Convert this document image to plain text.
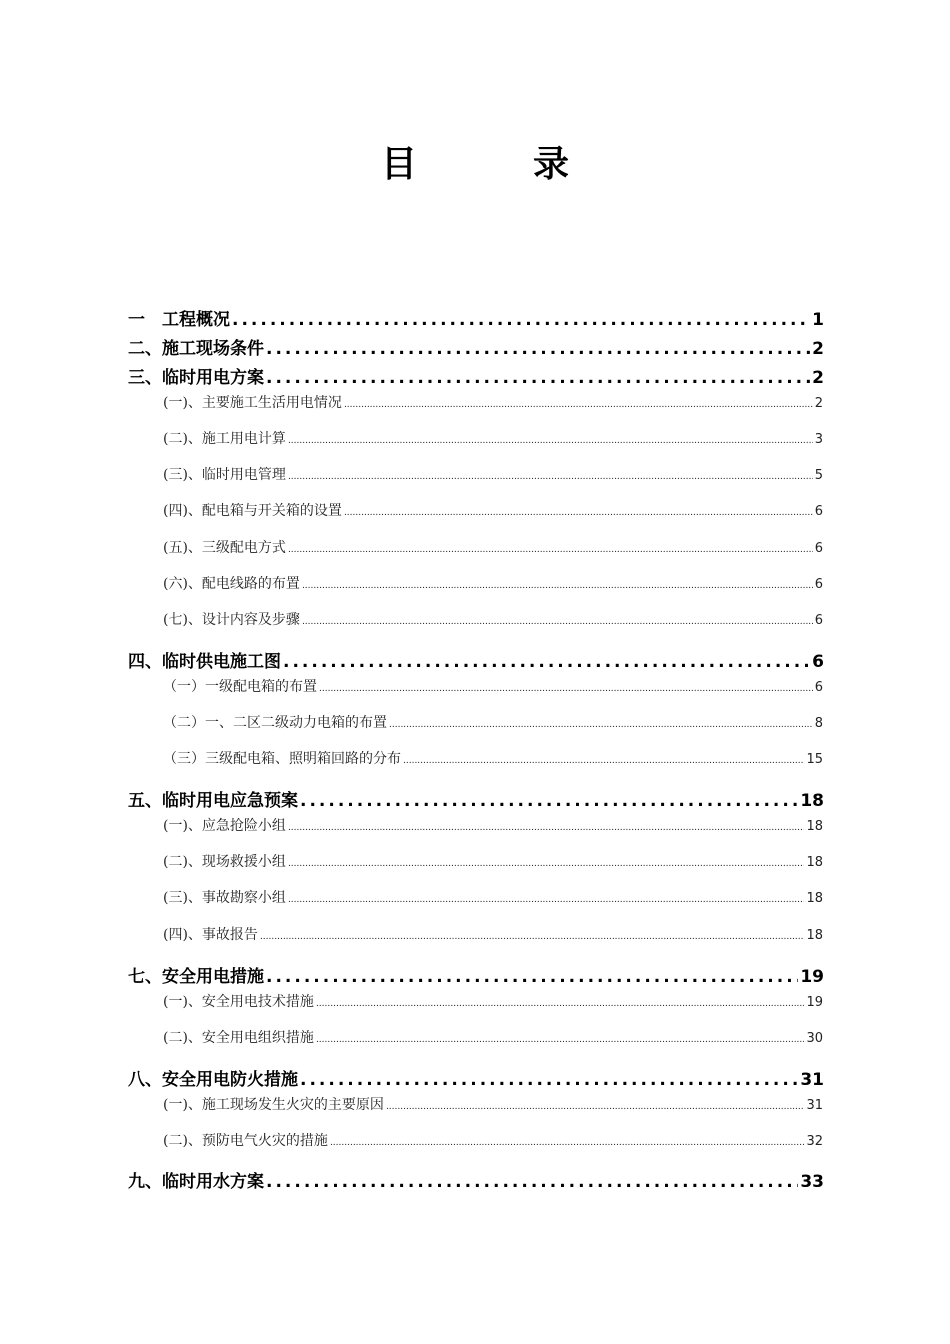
目　录
一　工程概况 .....	1
二、施工现场条件 .....	2
三、临时用电方案 .....	2
(一)、主要施工生活用电情况 .....	2
(二)、施工用电计算 .....	3
(三)、临时用电管理 .....	5
(四)、配电箱与开关箱的设置 .....	6
(五)、三级配电方式 .....	6
(六)、配电线路的布置 .....	6
(七)、设计内容及步骤 .....	6
四、临时供电施工图 .....	6
（一）一级配电箱的布置 .....	6
（二）一、二区二级动力电箱的布置 .....	8
（三）三级配电箱、照明箱回路的分布 .....	15
五、临时用电应急预案 .....	18
(一)、应急抢险小组 .....	18
(二)、现场救援小组 .....	18
(三)、事故勘察小组 .....	18
(四)、事故报告 .....	18
七、安全用电措施 .....	19
(一)、安全用电技术措施 .....	19
(二)、安全用电组织措施 .....	30
八、安全用电防火措施 .....	31
(一)、施工现场发生火灾的主要原因 .....	31
(二)、预防电气火灾的措施 .....	32
九、临时用水方案 .....	33
